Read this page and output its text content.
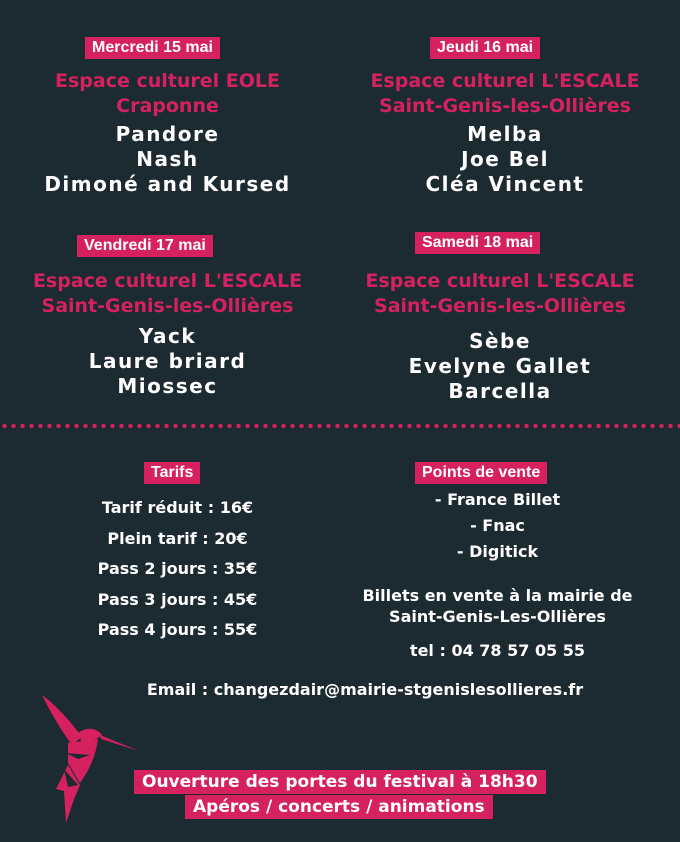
Mercredi 15 mai

Espace culturel EOLE

Craponne

Pandore
Nash
Dimoné and Kursed
Jeudi 16 mai

Espace culturel L'ESCALE

Saint-Genis-les-Ollières

Melba
Joe Bel
Cléa Vincent
Vendredi 17 mai

Espace culturel L'ESCALE

Saint-Genis-les-Ollières

Yack
Laure briard
Miossec
Samedi 18 mai

Espace culturel L'ESCALE

Saint-Genis-les-Ollières

Sèbe
Evelyne Gallet
Barcella
Tarifs
Tarif réduit : 16€
Plein tarif : 20€
Pass 2 jours : 35€
Pass 3 jours : 45€
Pass 4 jours : 55€
Points de vente
- France Billet
- Fnac
- Digitick
Billets en vente à la mairie de
Saint-Genis-Les-Ollières
tel : 04 78 57 05 55
Email : changezdair@mairie-stgenislesollieres.fr
Ouverture des portes du festival à 18h30
Apéros / concerts / animations
